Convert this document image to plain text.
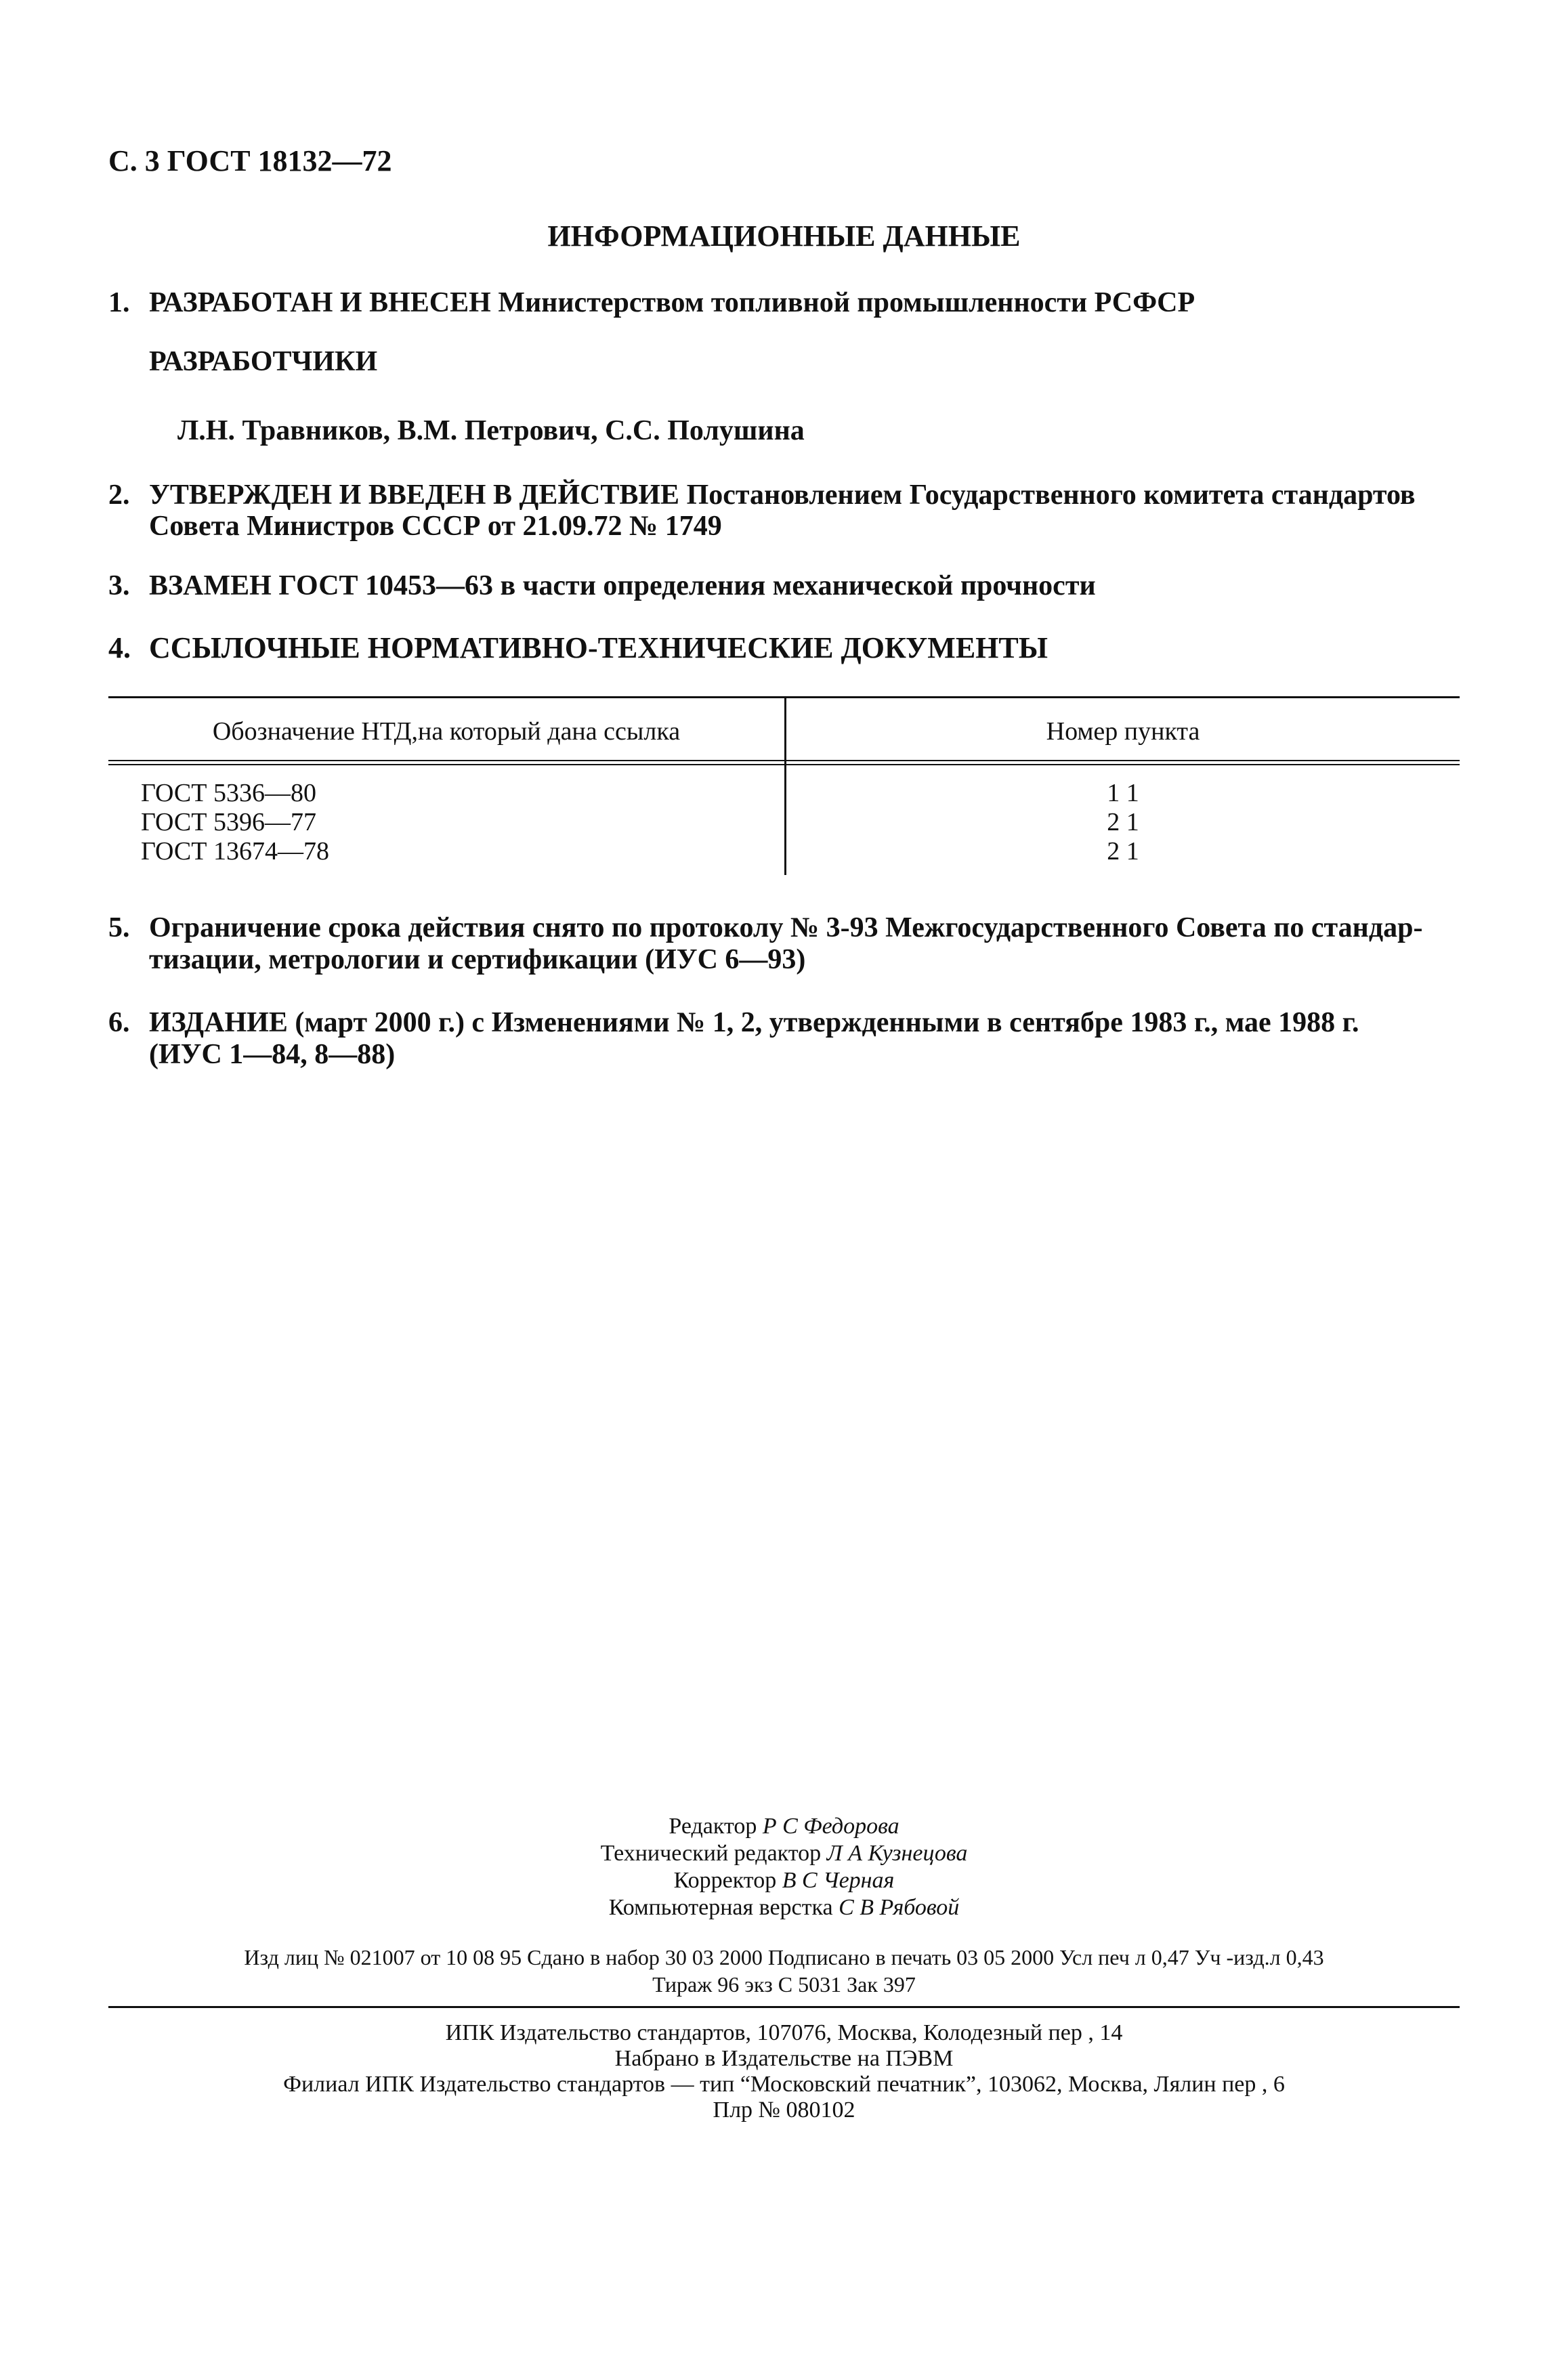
С. 3 ГОСТ 18132—72
ИНФОРМАЦИОННЫЕ ДАННЫЕ
1. РАЗРАБОТАН И ВНЕСЕН Министерством топливной промышленности РСФСР
РАЗРАБОТЧИКИ
Л.Н. Травников, В.М. Петрович, С.С. Полушина
2. УТВЕРЖДЕН И ВВЕДЕН В ДЕЙСТВИЕ Постановлением Государственного комитета стандартов
Совета Министров СССР от 21.09.72 № 1749
3. ВЗАМЕН ГОСТ 10453—63 в части определения механической прочности
4. ССЫЛОЧНЫЕ НОРМАТИВНО-ТЕХНИЧЕСКИЕ ДОКУМЕНТЫ
Обозначение НТД,на который дана ссылка	Номер пункта
ГОСТ 5336—80	1 1
ГОСТ 5396—77	2 1
ГОСТ 13674—78	2 1
5. Ограничение срока действия снято по протоколу № 3-93 Межгосударственного Совета по стандар-
тизации, метрологии и сертификации (ИУС 6—93)
6. ИЗДАНИЕ (март 2000 г.) с Изменениями № 1, 2, утвержденными в сентябре 1983 г., мае 1988 г.
(ИУС 1—84, 8—88)
Редактор Р С Федорова
Технический редактор Л А Кузнецова
Корректор В С Черная
Компьютерная верстка С В Рябовой
Изд лиц № 021007 от 10 08 95 Сдано в набор 30 03 2000 Подписано в печать 03 05 2000 Усл печ л 0,47 Уч -изд.л 0,43
Тираж 96 экз С 5031 Зак 397
ИПК Издательство стандартов, 107076, Москва, Колодезный пер , 14
Набрано в Издательстве на ПЭВМ
Филиал ИПК Издательство стандартов — тип “Московский печатник”, 103062, Москва, Лялин пер , 6
Плр № 080102
